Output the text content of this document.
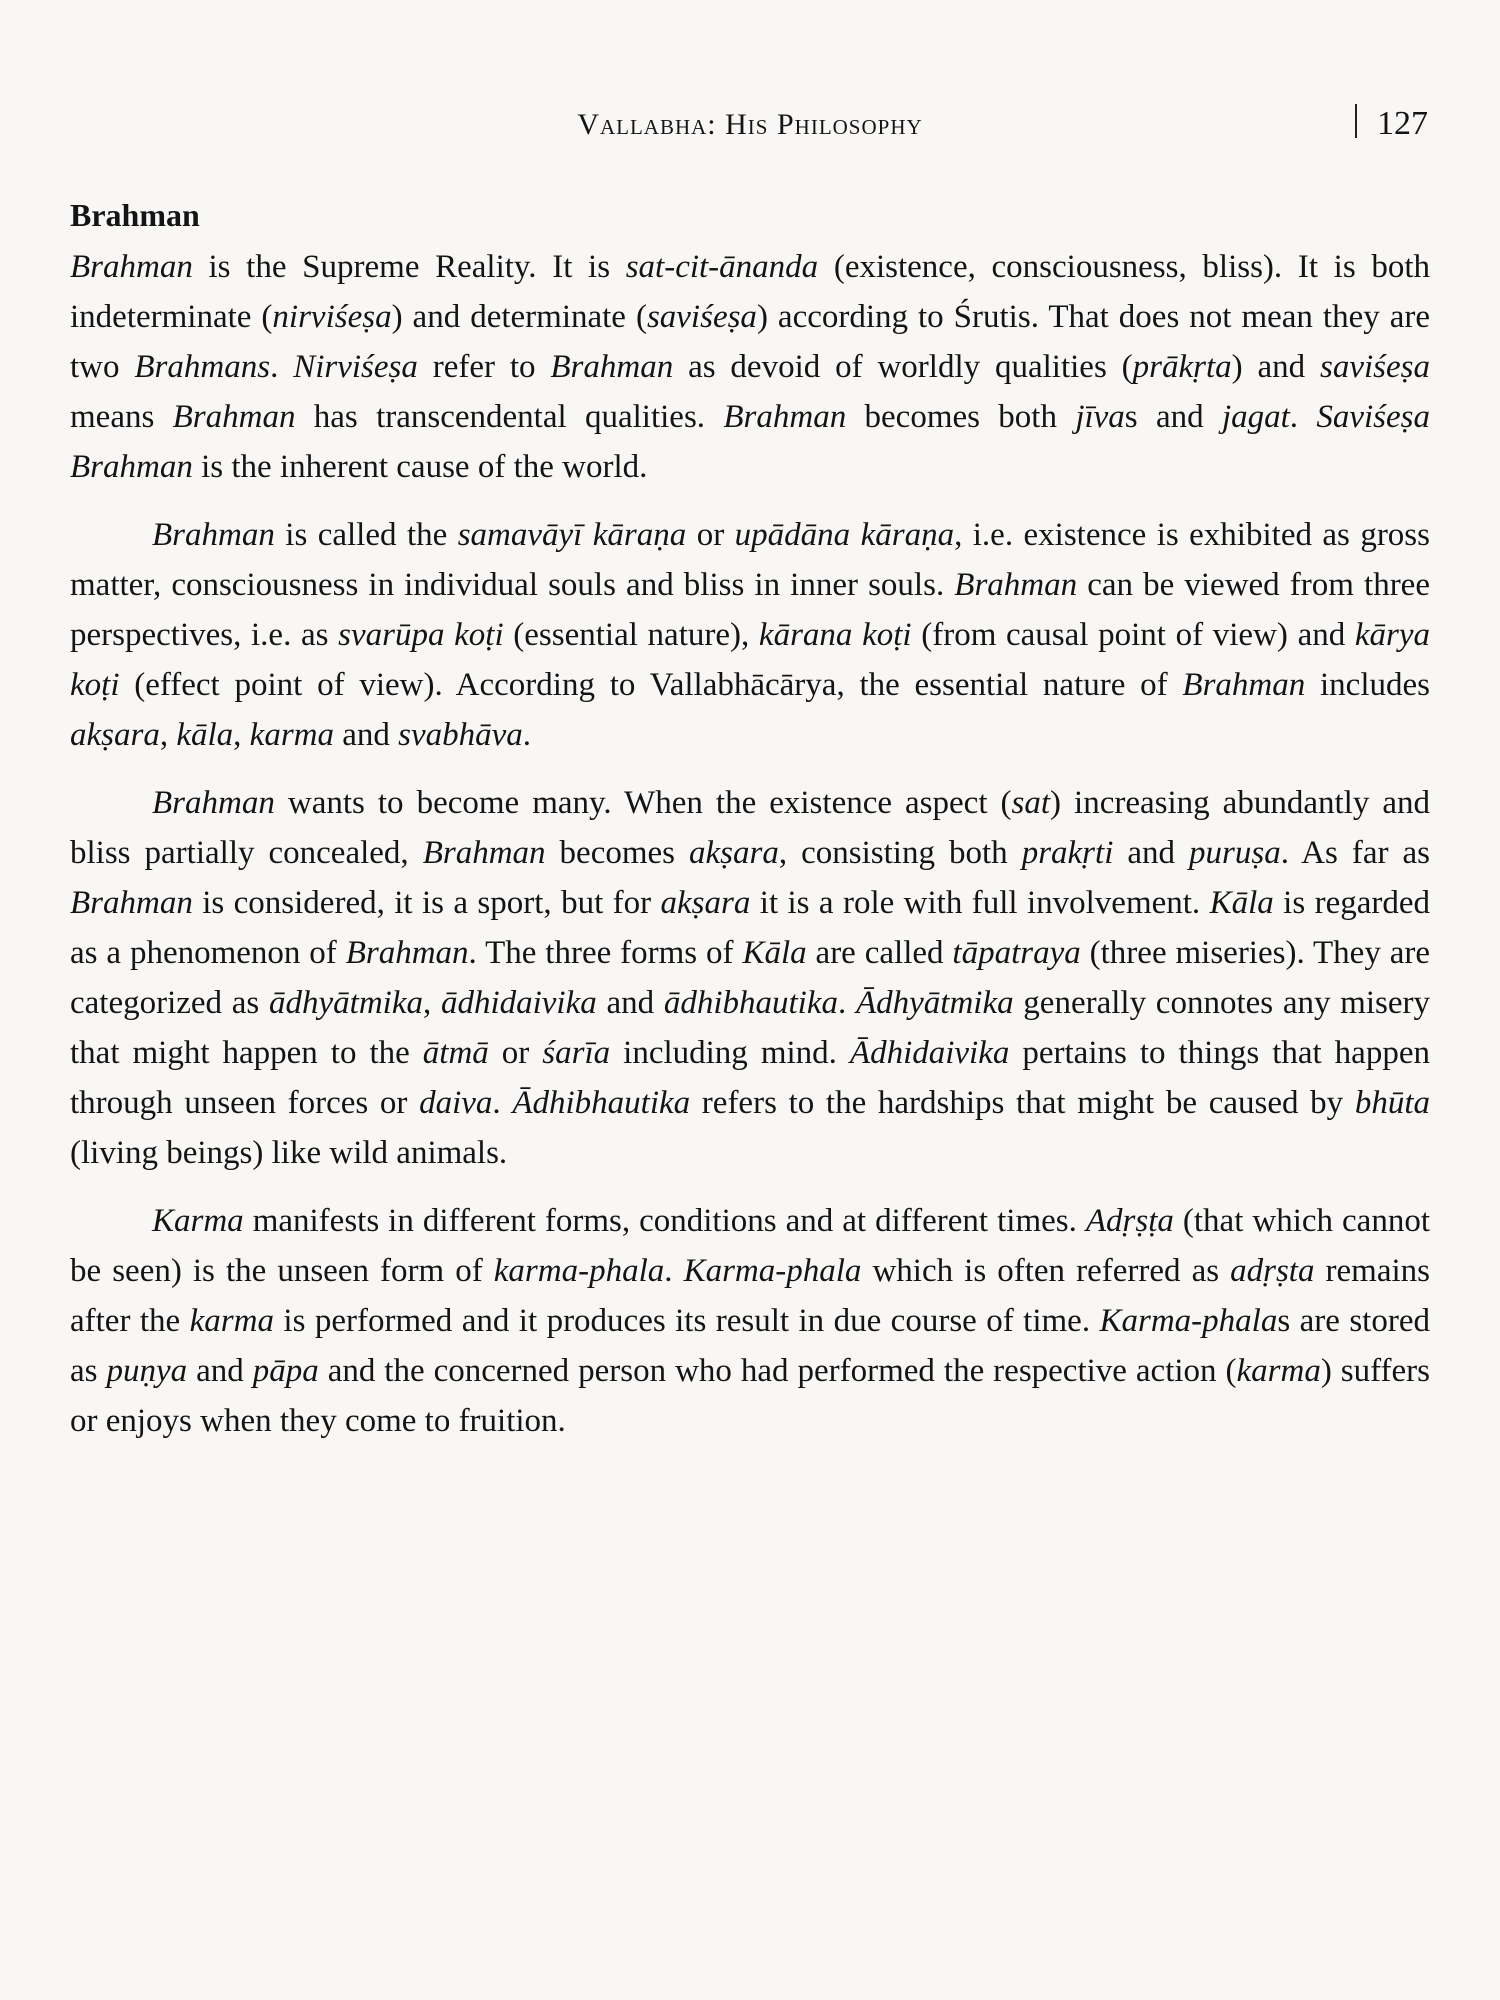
Vallabha: His Philosophy	127
Brahman

Brahman is the Supreme Reality. It is sat-cit-ānanda (existence, consciousness, bliss). It is both indeterminate (nirviśeṣa) and determinate (saviśeṣa) according to Śrutis. That does not mean they are two Brahmans. Nirviśeṣa refer to Brahman as devoid of worldly qualities (prākṛta) and saviśeṣa means Brahman has transcendental qualities. Brahman becomes both jīvas and jagat. Saviśeṣa Brahman is the inherent cause of the world.

Brahman is called the samavāyī kāraṇa or upādāna kāraṇa, i.e. existence is exhibited as gross matter, consciousness in individual souls and bliss in inner souls. Brahman can be viewed from three perspectives, i.e. as svarūpa koṭi (essential nature), kārana koṭi (from causal point of view) and kārya koṭi (effect point of view). According to Vallabhācārya, the essential nature of Brahman includes akṣara, kāla, karma and svabhāva.

Brahman wants to become many. When the existence aspect (sat) increasing abundantly and bliss partially concealed, Brahman becomes akṣara, consisting both prakṛti and puruṣa. As far as Brahman is considered, it is a sport, but for akṣara it is a role with full involvement. Kāla is regarded as a phenomenon of Brahman. The three forms of Kāla are called tāpatraya (three miseries). They are categorized as ādhyātmika, ādhidaivika and ādhibhautika. Ādhyātmika generally connotes any misery that might happen to the ātmā or śarīa including mind. Ādhidaivika pertains to things that happen through unseen forces or daiva. Ādhibhautika refers to the hardships that might be caused by bhūta (living beings) like wild animals.

Karma manifests in different forms, conditions and at different times. Adṛṣṭa (that which cannot be seen) is the unseen form of karma-phala. Karma-phala which is often referred as adṛṣta remains after the karma is performed and it produces its result in due course of time. Karma-phalas are stored as puṇya and pāpa and the concerned person who had performed the respective action (karma) suffers or enjoys when they come to fruition.
